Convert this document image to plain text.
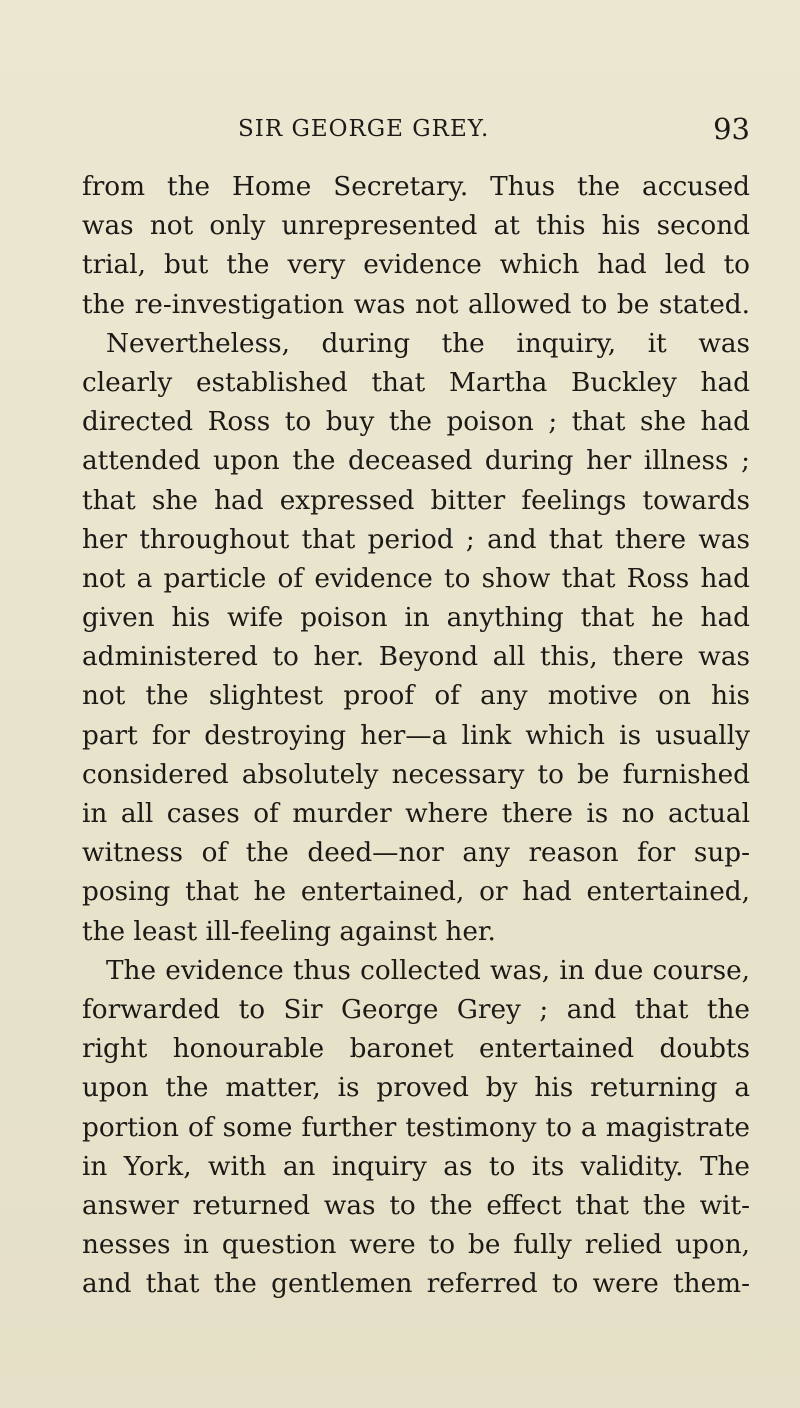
SIR GEORGE GREY.	93
from the Home Secretary. Thus the accused
was not only unrepresented at this his second
trial, but the very evidence which had led to
the re-investigation was not allowed to be stated.
Nevertheless, during the inquiry, it was
clearly established that Martha Buckley had
directed Ross to buy the poison ; that she had
attended upon the deceased during her illness ;
that she had expressed bitter feelings towards
her throughout that period ; and that there was
not a particle of evidence to show that Ross had
given his wife poison in anything that he had
administered to her. Beyond all this, there was
not the slightest proof of any motive on his
part for destroying her—a link which is usually
considered absolutely necessary to be furnished
in all cases of murder where there is no actual
witness of the deed—nor any reason for sup-
posing that he entertained, or had entertained,
the least ill-feeling against her.
The evidence thus collected was, in due course,
forwarded to Sir George Grey ; and that the
right honourable baronet entertained doubts
upon the matter, is proved by his returning a
portion of some further testimony to a magistrate
in York, with an inquiry as to its validity. The
answer returned was to the effect that the wit-
nesses in question were to be fully relied upon,
and that the gentlemen referred to were them-
